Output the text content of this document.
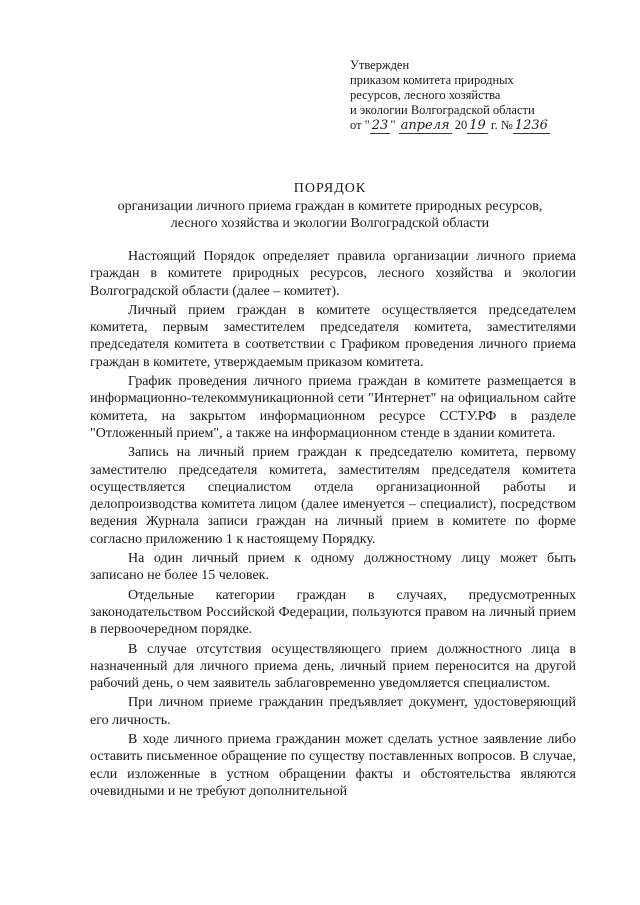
Утвержден
приказом комитета природных
ресурсов, лесного хозяйства
и экологии Волгоградской области
от " 23 " апреля 20 19 г. № 1236
ПОРЯДОК
организации личного приема граждан в комитете природных ресурсов,
лесного хозяйства и экологии Волгоградской области

Настоящий Порядок определяет правила организации личного приема граждан в комитете природных ресурсов, лесного хозяйства и экологии Волгоградской области (далее – комитет).

Личный прием граждан в комитете осуществляется председателем комитета, первым заместителем председателя комитета, заместителями председателя комитета в соответствии с Графиком проведения личного приема граждан в комитете, утверждаемым приказом комитета.

График проведения личного приема граждан в комитете размещается в информационно-телекоммуникационной сети "Интернет" на официальном сайте комитета, на закрытом информационном ресурсе ССТУ.РФ в разделе "Отложенный прием", а также на информационном стенде в здании комитета.

Запись на личный прием граждан к председателю комитета, первому заместителю председателя комитета, заместителям председателя комитета осуществляется специалистом отдела организационной работы и делопроизводства комитета лицом (далее именуется – специалист), посредством ведения Журнала записи граждан на личный прием в комитете по форме согласно приложению 1 к настоящему Порядку.

На один личный прием к одному должностному лицу может быть записано не более 15 человек.

Отдельные категории граждан в случаях, предусмотренных законодательством Российской Федерации, пользуются правом на личный прием в первоочередном порядке.

В случае отсутствия осуществляющего прием должностного лица в назначенный для личного приема день, личный прием переносится на другой рабочий день, о чем заявитель заблаговременно уведомляется специалистом.

При личном приеме гражданин предъявляет документ, удостоверяющий его личность.

В ходе личного приема гражданин может сделать устное заявление либо оставить письменное обращение по существу поставленных вопросов. В случае, если изложенные в устном обращении факты и обстоятельства являются очевидными и не требуют дополнительной
